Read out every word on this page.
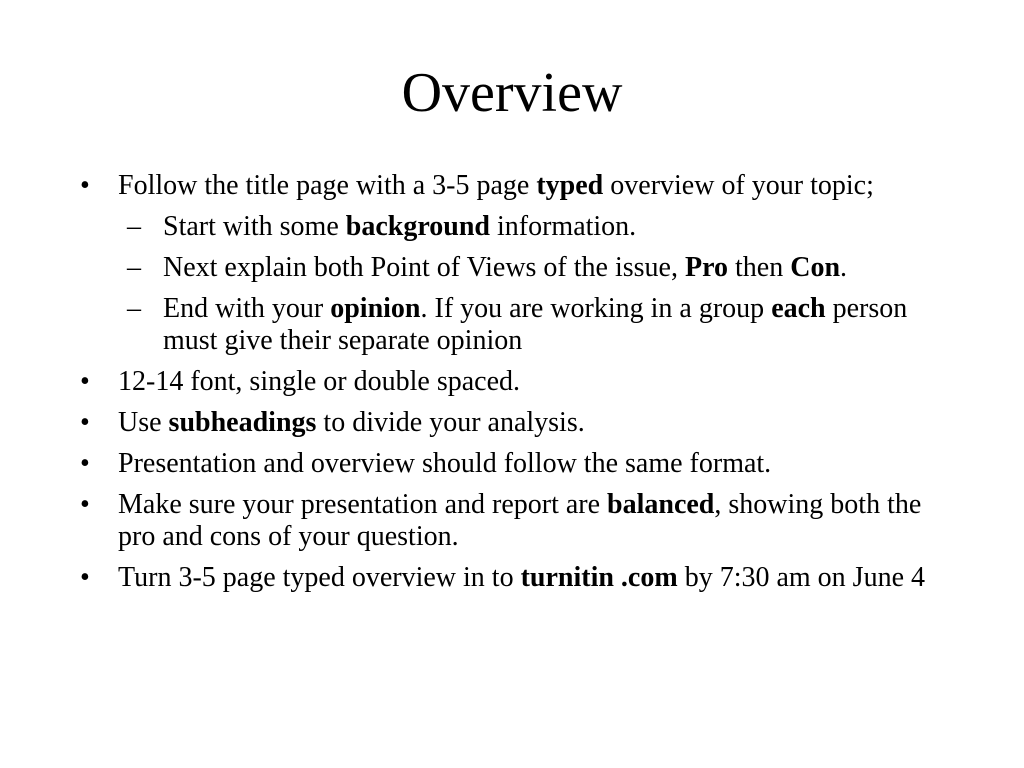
Overview
• Follow the title page with a 3-5 page typed overview of your topic;
– Start with some background information.
– Next explain both Point of Views of the issue, Pro then Con.
– End with your opinion. If you are working in a group each person must give their separate opinion
• 12-14 font, single or double spaced.
• Use subheadings to divide your analysis.
• Presentation and overview should follow the same format.
• Make sure your presentation and report are balanced, showing both the pro and cons of your question.
• Turn 3-5 page typed overview in to turnitin .com by 7:30 am on June 4
